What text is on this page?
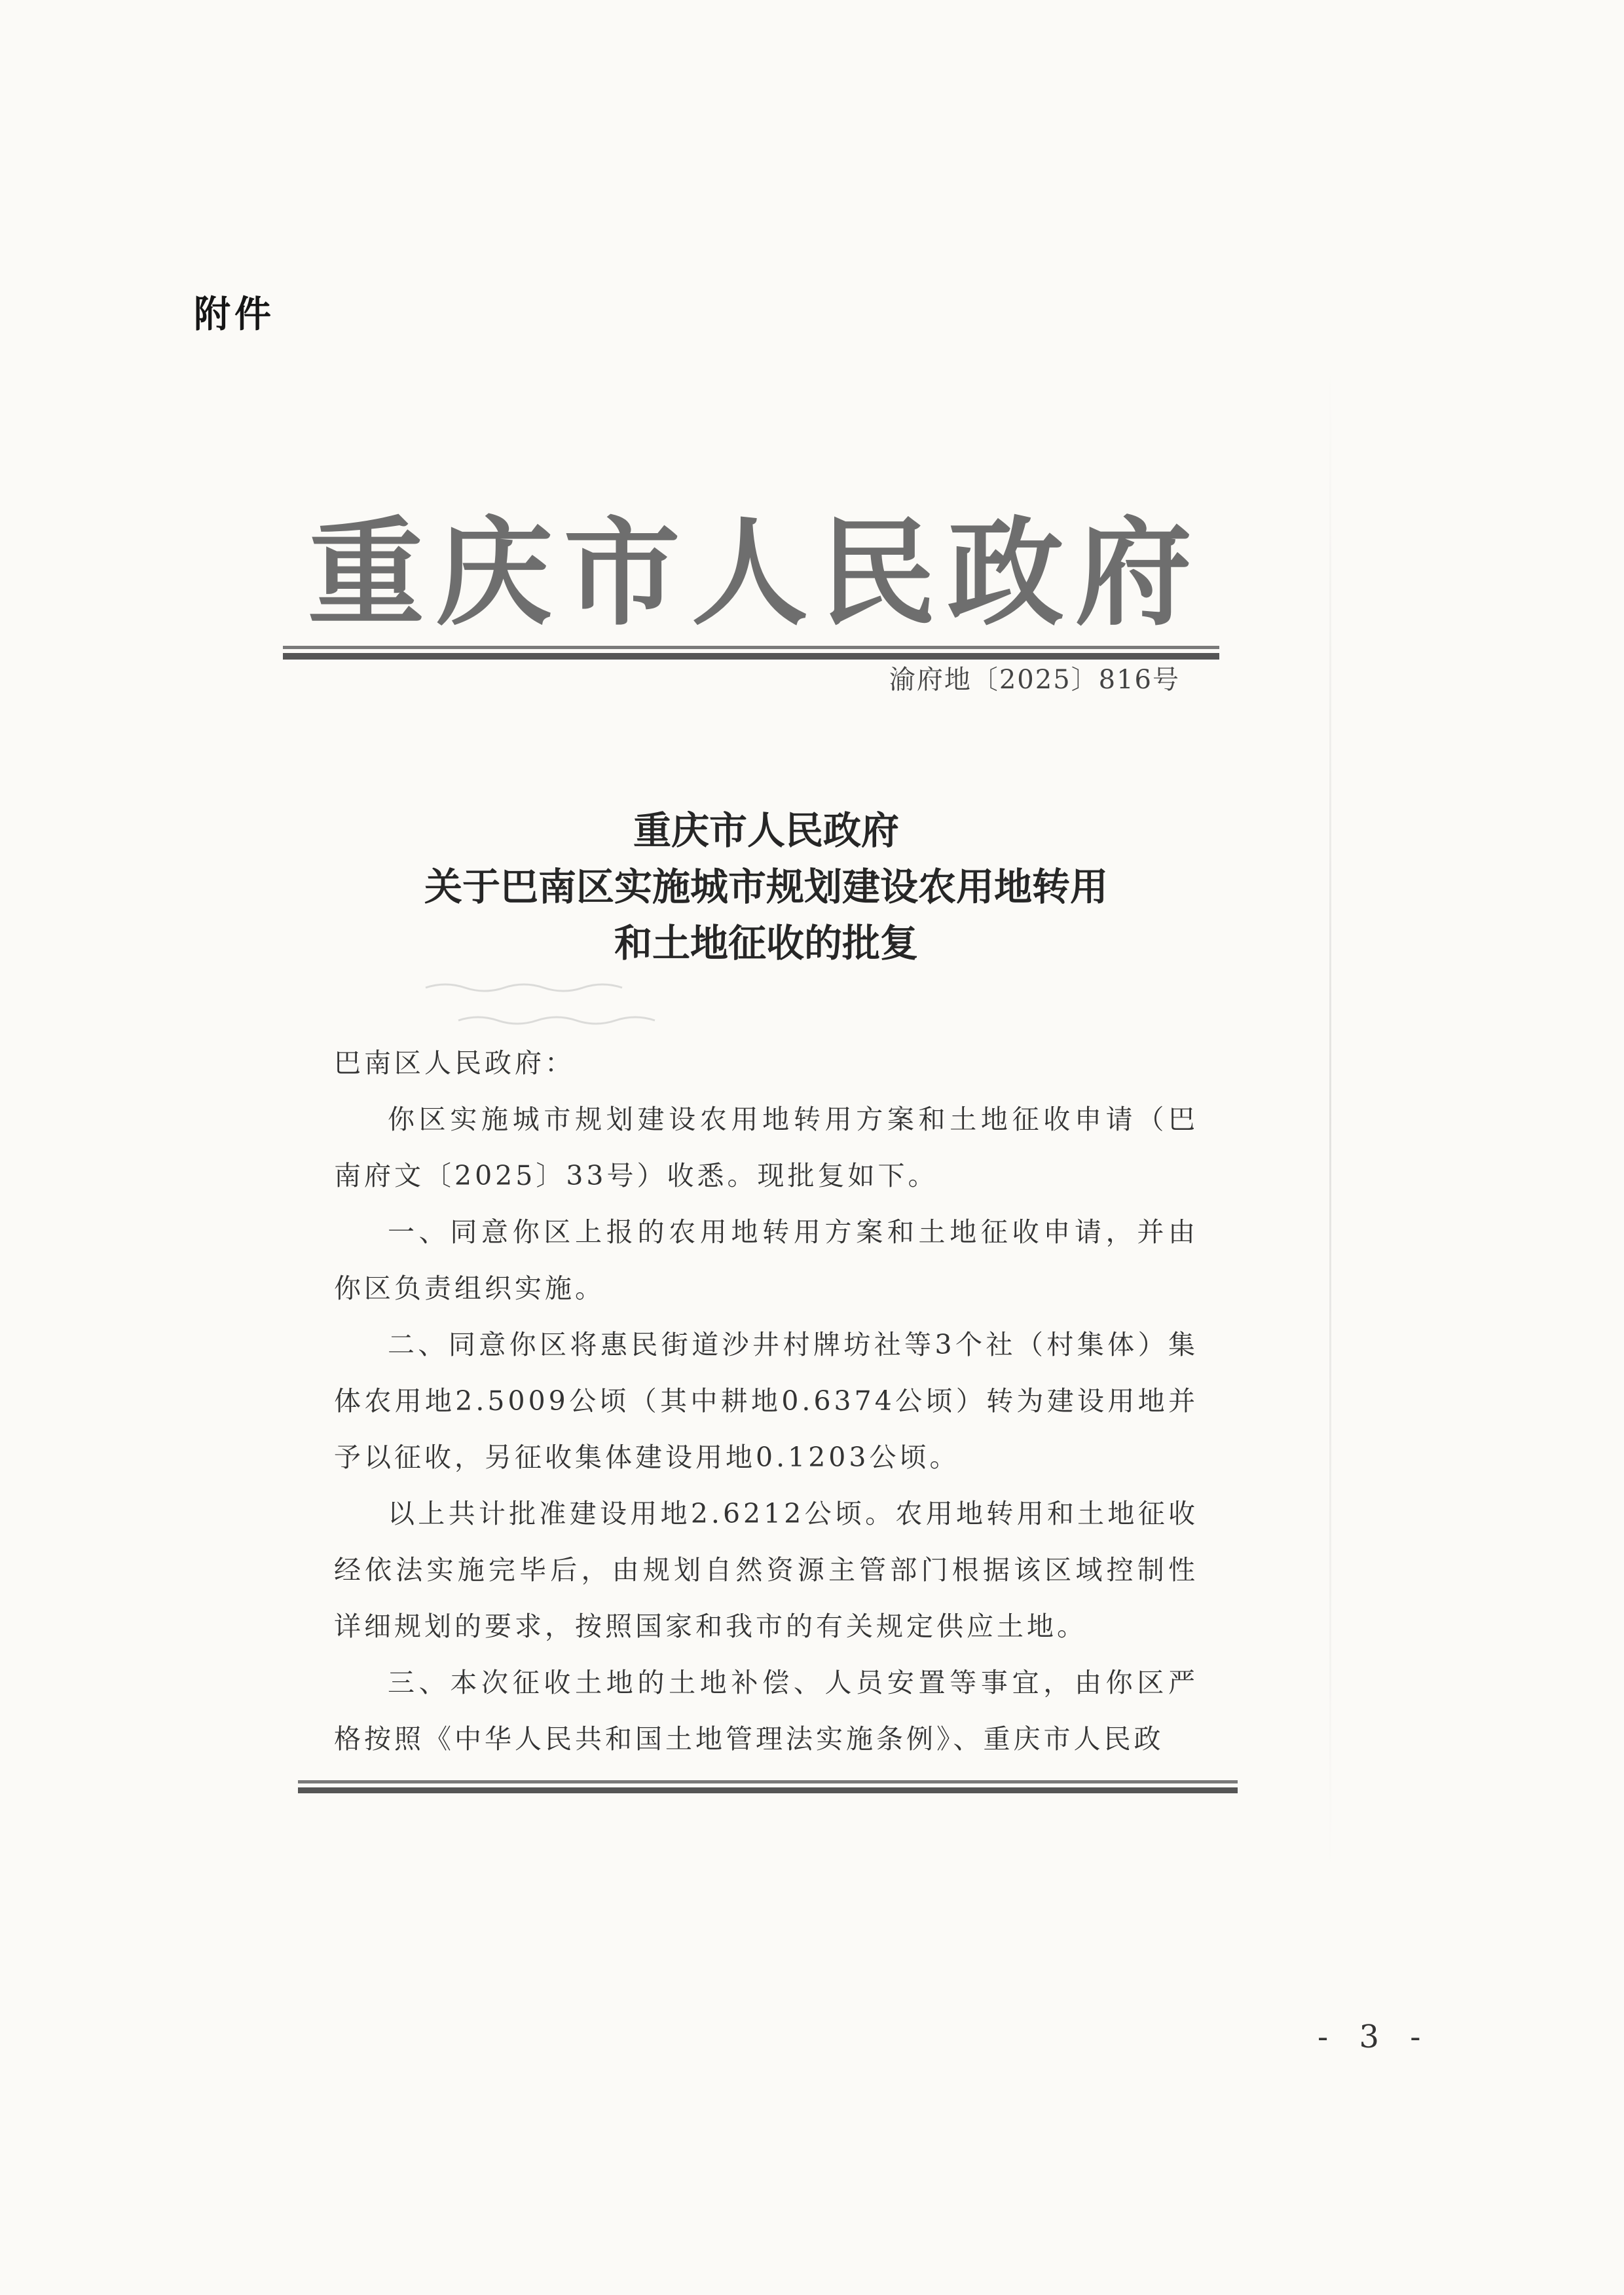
附件
重 庆 市 人 民 政 府
渝府地〔2025〕816号
重庆市人民政府
关于巴南区实施城市规划建设农用地转用
和土地征收的批复

巴南区人民政府：

你区实施城市规划建设农用地转用方案和土地征收申请（巴南府文〔2025〕33号）收悉。现批复如下。

一、同意你区上报的农用地转用方案和土地征收申请，并由你区负责组织实施。

二、同意你区将惠民街道沙井村牌坊社等3个社（村集体）集体农用地2.5009公顷（其中耕地0.6374公顷）转为建设用地并予以征收，另征收集体建设用地0.1203公顷。

以上共计批准建设用地2.6212公顷。农用地转用和土地征收经依法实施完毕后，由规划自然资源主管部门根据该区域控制性详细规划的要求，按照国家和我市的有关规定供应土地。

三、本次征收土地的土地补偿、人员安置等事宜，由你区严格按照《中华人民共和国土地管理法实施条例》、重庆市人民政

- 3 -
